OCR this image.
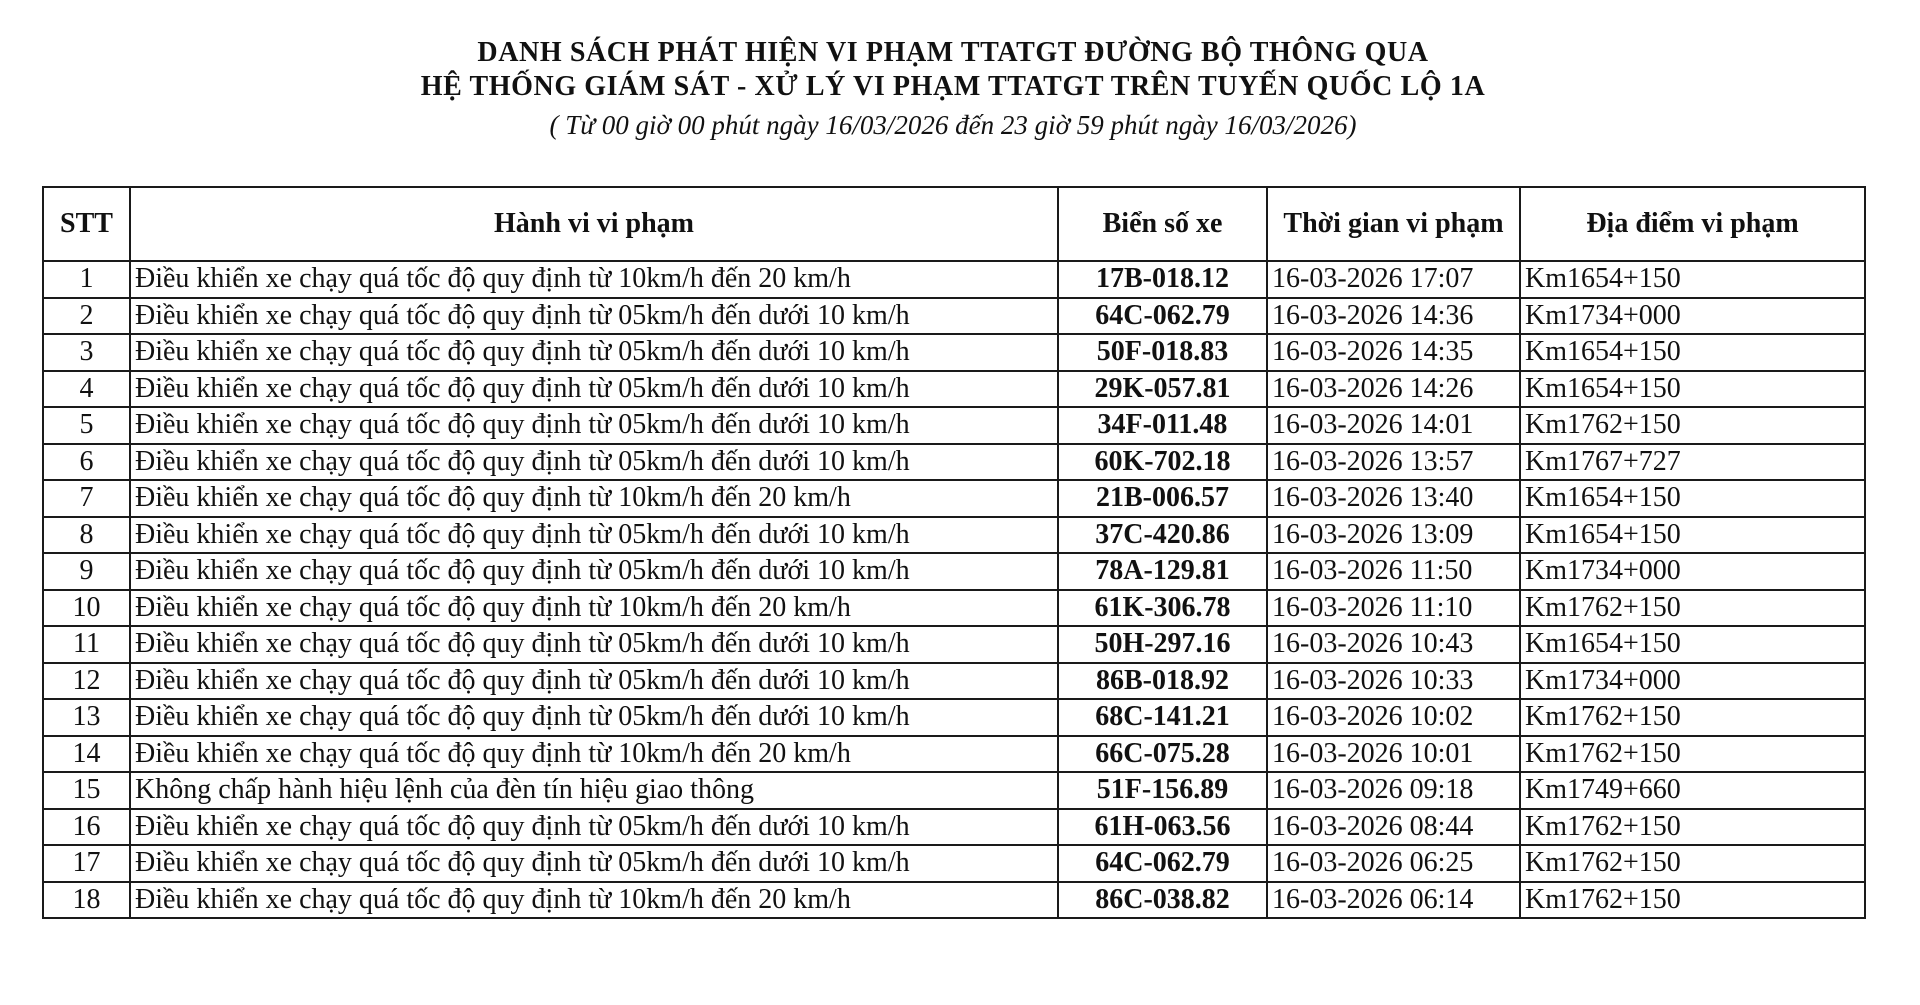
DANH SÁCH PHÁT HIỆN VI PHẠM TTATGT ĐƯỜNG BỘ THÔNG QUA
HỆ THỐNG GIÁM SÁT - XỬ LÝ VI PHẠM TTATGT TRÊN TUYẾN QUỐC LỘ 1A
( Từ 00 giờ 00 phút ngày 16/03/2026 đến 23 giờ 59 phút ngày 16/03/2026)
STT	Hành vi vi phạm	Biển số xe	Thời gian vi phạm	Địa điểm vi phạm
1	Điều khiển xe chạy quá tốc độ quy định từ 10km/h đến 20 km/h	17B-018.12	16-03-2026 17:07	Km1654+150
2	Điều khiển xe chạy quá tốc độ quy định từ 05km/h đến dưới 10 km/h	64C-062.79	16-03-2026 14:36	Km1734+000
3	Điều khiển xe chạy quá tốc độ quy định từ 05km/h đến dưới 10 km/h	50F-018.83	16-03-2026 14:35	Km1654+150
4	Điều khiển xe chạy quá tốc độ quy định từ 05km/h đến dưới 10 km/h	29K-057.81	16-03-2026 14:26	Km1654+150
5	Điều khiển xe chạy quá tốc độ quy định từ 05km/h đến dưới 10 km/h	34F-011.48	16-03-2026 14:01	Km1762+150
6	Điều khiển xe chạy quá tốc độ quy định từ 05km/h đến dưới 10 km/h	60K-702.18	16-03-2026 13:57	Km1767+727
7	Điều khiển xe chạy quá tốc độ quy định từ 10km/h đến 20 km/h	21B-006.57	16-03-2026 13:40	Km1654+150
8	Điều khiển xe chạy quá tốc độ quy định từ 05km/h đến dưới 10 km/h	37C-420.86	16-03-2026 13:09	Km1654+150
9	Điều khiển xe chạy quá tốc độ quy định từ 05km/h đến dưới 10 km/h	78A-129.81	16-03-2026 11:50	Km1734+000
10	Điều khiển xe chạy quá tốc độ quy định từ 10km/h đến 20 km/h	61K-306.78	16-03-2026 11:10	Km1762+150
11	Điều khiển xe chạy quá tốc độ quy định từ 05km/h đến dưới 10 km/h	50H-297.16	16-03-2026 10:43	Km1654+150
12	Điều khiển xe chạy quá tốc độ quy định từ 05km/h đến dưới 10 km/h	86B-018.92	16-03-2026 10:33	Km1734+000
13	Điều khiển xe chạy quá tốc độ quy định từ 05km/h đến dưới 10 km/h	68C-141.21	16-03-2026 10:02	Km1762+150
14	Điều khiển xe chạy quá tốc độ quy định từ 10km/h đến 20 km/h	66C-075.28	16-03-2026 10:01	Km1762+150
15	Không chấp hành hiệu lệnh của đèn tín hiệu giao thông	51F-156.89	16-03-2026 09:18	Km1749+660
16	Điều khiển xe chạy quá tốc độ quy định từ 05km/h đến dưới 10 km/h	61H-063.56	16-03-2026 08:44	Km1762+150
17	Điều khiển xe chạy quá tốc độ quy định từ 05km/h đến dưới 10 km/h	64C-062.79	16-03-2026 06:25	Km1762+150
18	Điều khiển xe chạy quá tốc độ quy định từ 10km/h đến 20 km/h	86C-038.82	16-03-2026 06:14	Km1762+150
